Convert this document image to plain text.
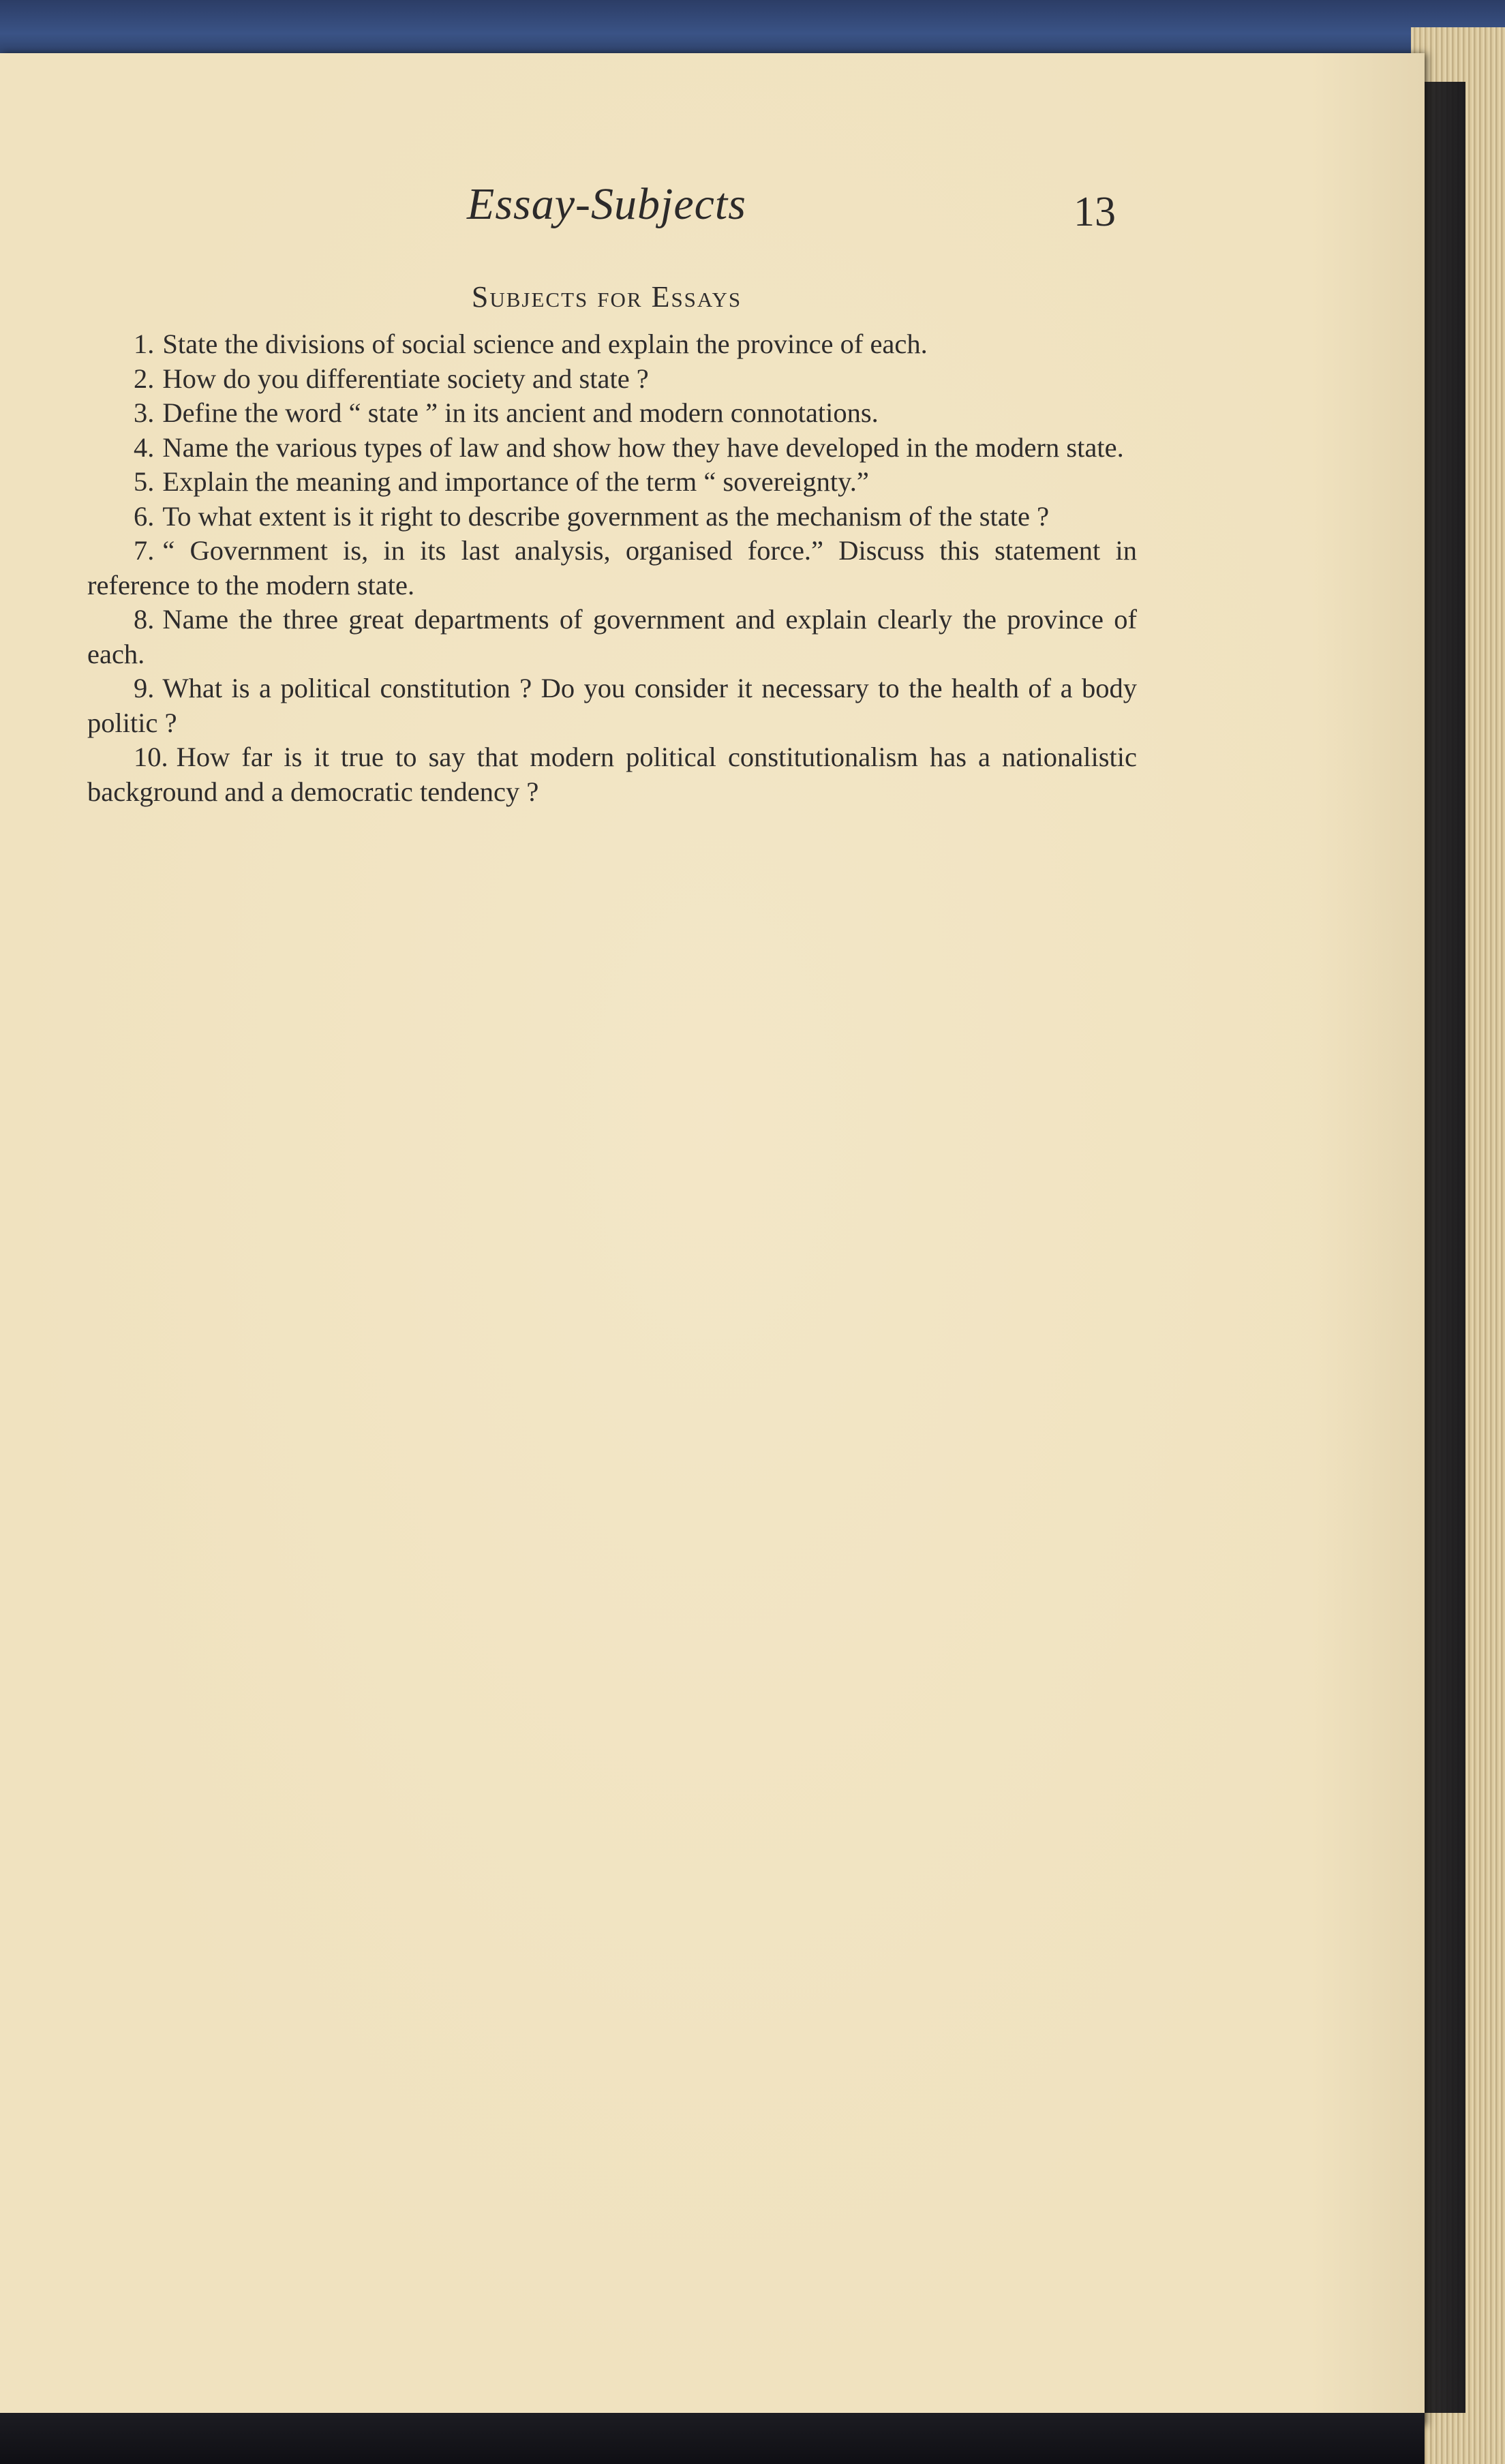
Essay-Subjects	13
Subjects for Essays
1. State the divisions of social science and explain the province of each.
2. How do you differentiate society and state ?
3. Define the word “ state ” in its ancient and modern connotations.
4. Name the various types of law and show how they have developed in the modern state.
5. Explain the meaning and importance of the term “ sovereignty.”
6. To what extent is it right to describe government as the mechanism of the state ?
7. “ Government is, in its last analysis, organised force.” Discuss this statement in reference to the modern state.
8. Name the three great departments of government and explain clearly the province of each.
9. What is a political constitution ? Do you consider it necessary to the health of a body politic ?
10. How far is it true to say that modern political constitutionalism has a nationalistic background and a democratic tendency ?
